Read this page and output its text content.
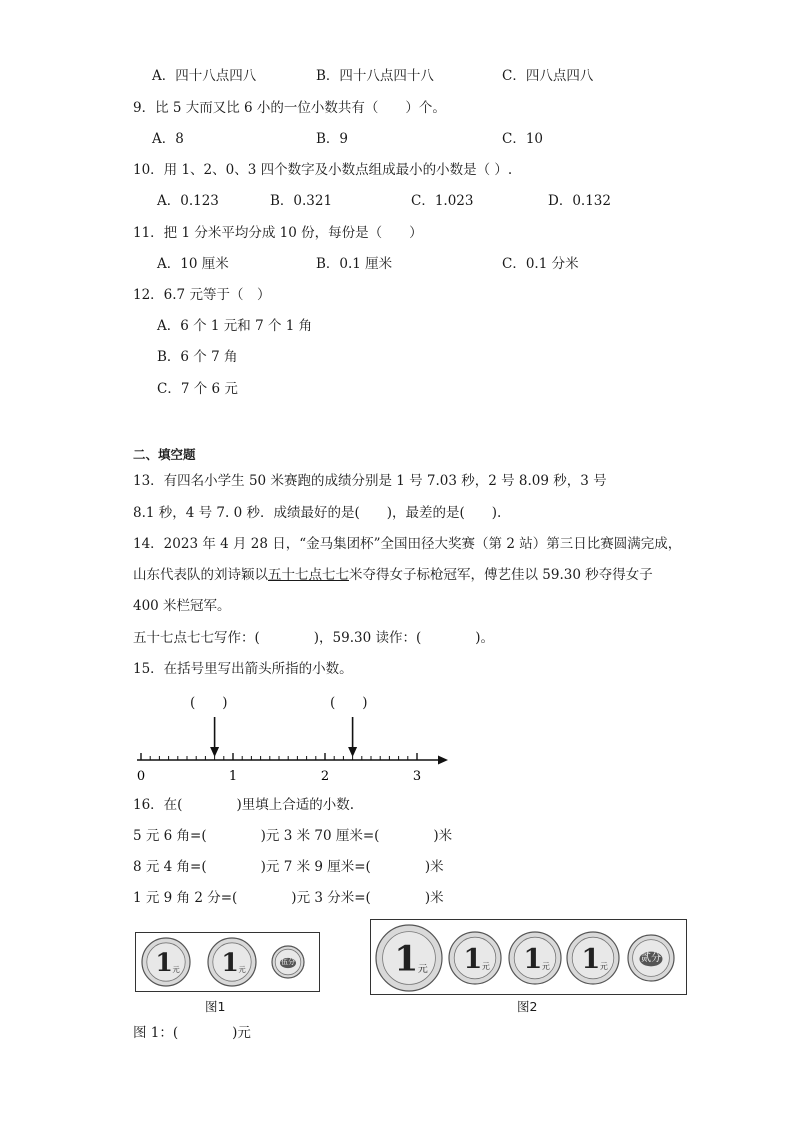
A．四十八点四八	B．四十八点四十八	C．四八点四八
9．比 5 大而又比 6 小的一位小数共有（　　）个。
A．8	B．9	C．10
10．用 1、2、0、3 四个数字及小数点组成最小的小数是（ ）.
A．0.123	B．0.321	C．1.023	D．0.132
11．把 1 分米平均分成 10 份，每份是（　　）
A．10 厘米	B．0.1 厘米	C．0.1 分米
12．6.7 元等于（　）
A．6 个 1 元和 7 个 1 角
B．6 个 7 角
C．7 个 6 元
二、填空题
13．有四名小学生 50 米赛跑的成绩分别是 1 号 7.03 秒，2 号 8.09 秒，3 号
8.1 秒，4 号 7. 0 秒．成绩最好的是(　　)，最差的是(　　).
14．2023 年 4 月 28 日，“金马集团杯”全国田径大奖赛（第 2 站）第三日比赛圆满完成，
山东代表队的刘诗颖以五十七点七七米夺得女子标枪冠军，傅艺佳以 59.30 秒夺得女子
400 米栏冠军。
五十七点七七写作：(　　　　)，59.30 读作：(　　　　)。
15．在括号里写出箭头所指的小数。
(　　)	(　　)
0	1	2	3
16．在(　　　　)里填上合适的小数.
5 元 6 角=(　　　　)元 3 米 70 厘米=(　　　　)米
8 元 4 角=(　　　　)元 7 米 9 厘米=(　　　　)米
1 元 9 角 2 分=(　　　　)元 3 分米=(　　　　)米
1 元 1 元
伍分
图1
1 元 1 元 1 元 1 元
贰分
图2
图 1：(　　　　)元
